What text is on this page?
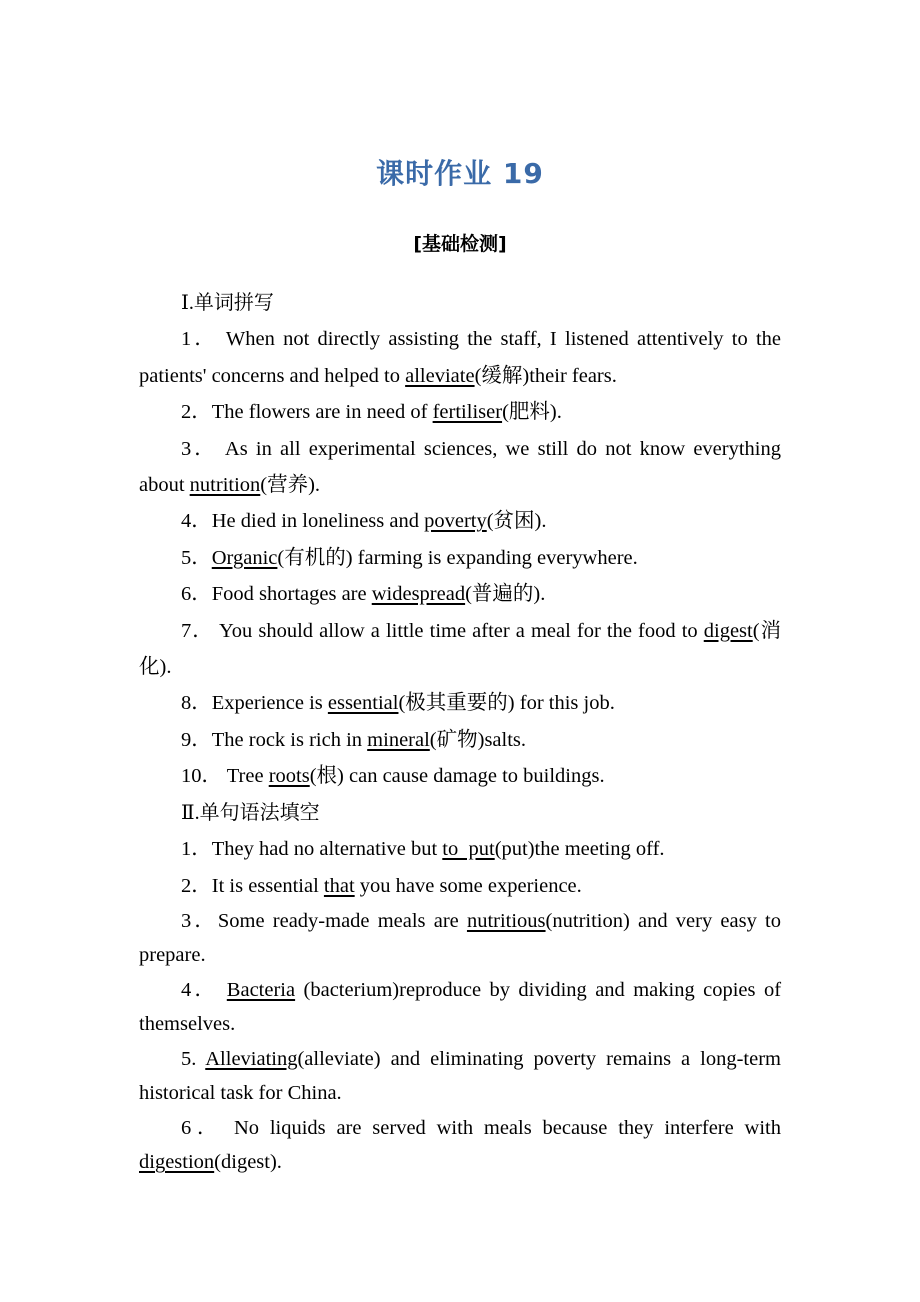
课时作业 19
[基础检测]
Ⅰ.单词拼写

1． When not directly assisting the staff, I listened attentively to the patients' concerns and helped to alleviate(缓解)their fears.

2．The flowers are in need of fertiliser(肥料).

3． As in all experimental sciences, we still do not know everything about nutrition(营养).

4．He died in loneliness and poverty(贫困).

5．Organic(有机的) farming is expanding everywhere.

6．Food shortages are widespread(普遍的).

7． You should allow a little time after a meal for the food to digest(消化).

8．Experience is essential(极其重要的) for this job.

9．The rock is rich in mineral(矿物)salts.

10． Tree roots(根) can cause damage to buildings.

Ⅱ.单句语法填空

1．They had no alternative but to  put(put)the meeting off.

2．It is essential that you have some experience.

3．Some ready-made meals are nutritious(nutrition) and very easy to prepare.

4． Bacteria (bacterium)reproduce by dividing and making copies of themselves.

5. Alleviating(alleviate) and eliminating poverty remains a long-term historical task for China.

6． No liquids are served with meals because they interfere with digestion(digest).
